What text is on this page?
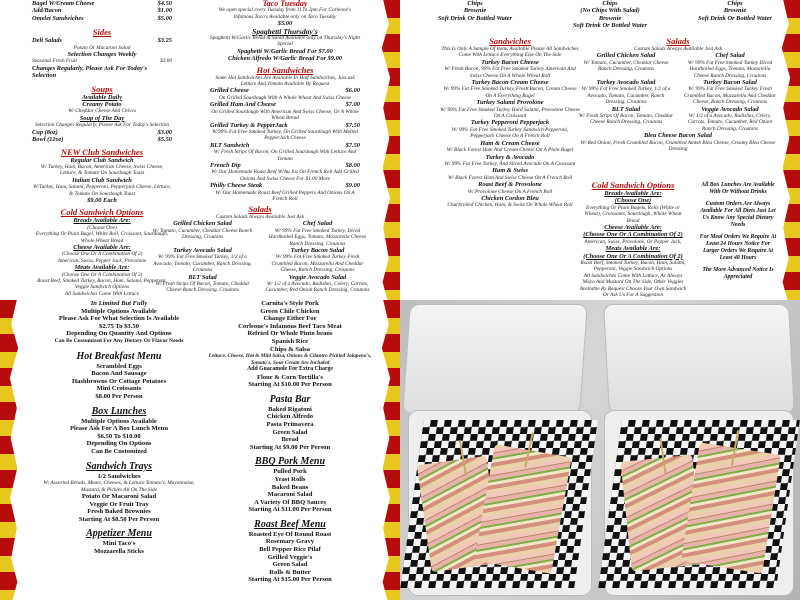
Bagel W/Cream Cheese	$4.50
Add/Bacon	$1.00
Omelet Sandwiches	$5.00
Sides
Deli Salads	$3.25
Potato Or Macaroni Salad
Selection Changes Weekly
Seasonal Fresh Fruit	$3.00
Changes Regularly, Please Ask For Today's Selection
Soups
Available Daily
Creamy Potato
W/ Cheddar Cheese And Chives
Soup of The Day
Selection Changes Regularly, Please Ask For Today's Selection
Cup (8oz)	$3.00
Bowl (12oz)	$5.50
NEW Club Sandwiches
Regular Club Sandwich
W/ Turkey, Ham, Bacon, American Cheese, Swiss Cheese, Lettuce, & Tomato On Sourdough Toast
Italian Club Sandwich
W/Turkey, Ham, Salami, Pepperoni, Pepperjack Cheese, Lettuce, & Tomato On Sourdough Toast
$9.00 Each
Cold Sandwich Options
Breads Available Are:
(Choose One)
Everything Or Plain Bagel, White Roll, Croissant, Sourdough, Whole Wheat Bread
Cheese Available Are:
(Choose One Or A Combination Of 2)
American, Swiss, Pepper Jack, Provolone
Meats Available Are:
(Choose One Or A Combination Of 2)
Roast Beef, Smoked Turkey, Bacon, Ham, Salami, Pepperoni, Veggie Sandwich Options
All Sandwiches Come With Lettuce
Taco Tuesday
We open special every Tuesday from 11 to 2pm For Corleone's Infamous Taco's Available only on Taco Tuesday
$5.00
Spaghetti Thursday's
Spaghetti W/Garlic Bread & Salad Available only on Thursday's Night Special
Spaghetti W/Garlic Bread For $7.00
Chicken Alfredo W/Garlic Bread For $9.00
Hot Sandwiches
Some Hot Sandwiches Are Available In Half Sandwiches, Just ask Lettuce And Tomato Available By Request
Grilled Cheese	$6.00
On Grilled Sourdough With A Whole Wheat And Swiss Cheese
Grilled Ham And Cheese	$7.00
On Grilled Sourdough With American And Swiss Cheese, Or A Whole Wheat Bread
Grilled Turkey & PepperJack	$7.50
W/99% Fat Free Smoked Turkey, On Grilled Sourdough With Melted PepperJack Cheese
BLT Sandwich	$7.50
W/ Fresh Strips Of Bacon, On Grilled Sourdough With Lettuce And Tomato
French Dip	$8.00
W/ Our Homemade Roast Beef W/Au Jus On French Roll Add Grilled Onions And Swiss Cheese For $1.00 More
Philly Cheese Steak	$9.00
W/ Our Homemade Roast Beef Grilled Peppers And Onions On A French Roll
Salads
Custom Salads Always Available Just Ask
Grilled Chicken Salad
W/ Tomato, Cucumber, Cheddar Cheese Ranch Dressing, Croutons
Chef Salad
W/ 99% Fat Free Smoked Turkey, Diced Hardboiled Eggs, Tomato, Mozzarella Cheese Ranch Dressing, Croutons
Turkey Avocado Salad
W/ 99% Fat Free Smoked Turkey, 1/2 of a Avocado, Tomato, Cucumber, Ranch Dressing, Croutons
Turkey Bacon Salad
W/ 99% Fat Free Smoked Turkey Fresh Crumbled Bacon, Mozzarella And Cheddar Cheese, Ranch Dressing, Croutons
BLT Salad
W/ Fresh Strips Of Bacon, Tomato, Cheddar Cheese Ranch Dressing, Croutons
Veggie Avocado Salad
W/ 1/2 of a Avocado, Radishes, Celery, Carrots, Cucumber, Red Onion Ranch Dressing, Croutons
Chips
Brownie
Soft Drink Or Bottled Water
Chips
(No Chips With Salad)
Brownie
Soft Drink Or Bottled Water
Chips
Brownie
Soft Drink Or Bottled Water
Sandwiches
This Is Only A Sample Of Items Available Please All Sandwiches Come With Lettuce Everything Else On The Side
Turkey Bacon Cheese
W/ Fresh Bacon, 99% Fat Free Smoked Turkey American And Swiss Cheese On A Whole Wheat Roll
Turkey Bacon Cream Cheese
W/ 99% Fat Free Smoked Turkey, Fresh Bacon, Cream Cheese On A Everything Bagel
Turkey Salami Provolone
W/ 99% Fat Free Smoked Turkey Hard Salami, Provolone Cheese On A Croissant
Turkey Pepperoni Pepperjack
W/ 99% Fat Free Smoked Turkey Sandwich Pepperoni, Pepperjack Cheese On A French Roll
Ham & Cream Cheese
W/ Black Forest Ham And Cream Cheese On A Plain Bagel
Turkey & Avocado
W/ 99% Fat Free Turkey, And Sliced Avocado On A Croissant
Ham & Swiss
W/ Black Forest Ham And Swiss Cheese On A French Roll
Roast Beef & Provolone
W/ Provolone Cheese On A French Roll
Chicken Cordon Bleu
Charbroiled Chicken, Ham, & Swiss On Whole Wheat Roll
Salads
Custom Salads Always Available Just Ask
Grilled Chicken Salad
W/ Tomato, Cucumber, Cheddar Cheese Ranch Dressing, Croutons
Chef Salad
W/ 99% Fat Free Smoked Turkey Diced Hardboiled Eggs, Tomato, Mozzarella Cheese Ranch Dressing, Croutons
Turkey Avocado Salad
W/ 99% Fat Free Smoked Turkey, 1/2 of a Avocado, Tomato, Cucumber, Ranch Dressing, Croutons
Turkey Bacon Salad
W/ 99% Fat Free Smoked Turkey Fresh Crumbled Bacon, Mozzarella And Cheddar Cheese, Ranch Dressing, Croutons
BLT Salad
W/ Fresh Strips Of Bacon, Tomato, Cheddar Cheese Ranch Dressing, Croutons
Veggie Avocado Salad
W/ 1/2 of a Avocado, Radishes, Celery, Carrots, Tomato, Cucumber, Red Onion Ranch Dressing, Croutons
Bleu Cheese Bacon Salad
W/ Red Onion, Fresh Crumbled Bacon, Crumbled Amish Bleu Cheese, Creamy Bleu Cheese Dressing
Cold Sandwich Options
Breads Available Are:
(Choose One)
Everything Or Plain Bagels, Rolls (White or Wheat), Croissants, Sourdough, Whole Wheat Bread
Cheese Available Are:
(Choose One Or A Combination Of 2)
American, Swiss, Provolone, Or Pepper Jack,
Meats Available Are:
(Choose One Or A Combination Of 2)
Roast Beef, Smoked Turkey, Bacon, Ham, Salami, Pepperoni, Veggie Sandwich Options
All Sandwiches Come With Lettuce, As Always Mayo And Mustard On The Side, Other Veggies Available By Request Choose Your Own Sandwich Or Ask Us For A Suggestion
All Box Lunches Are Available With Or Without Drinks
Custom Orders Are Always Available For All Diets Just Let Us Know Any Special Dietary Needs
For Meal Orders We Require At Least 24 Hours Notice For Larger Orders We Require At Least 48 Hours
The More Advanced Notice Is Appreciated
In Limited But Fully
Multiple Options Available
Please Ask For What Selection Is Available
$2.75 To $3.50
Depending On Quantity And Options
Can Be Customized For Any Dietary Or Flavor Needs
Hot Breakfast Menu
Scrambled Eggs
Bacon And Sausage
Hashbrowns Or Cottage Potatoes
Mini Croissants
$8.00 Per Person
Box Lunches
Multiple Options Available
Please Ask For A Box Lunch Menu
$6.50 To $10.00
Depending On Options
Can Be Customized
Sandwich Trays
1/2 Sandwiches
W/ Assorted Breads, Meats, Cheeses, & Lettuce Tomato's, Mayonnaise, Mustard, & Pickles All On The Side
Potato Or Macaroni Salad
Veggie Or Fruit Tray
Fresh Baked Brownies
Starting At $8.50 Per Person
Appetizer Menu
Mini Taco's
Mozzarella Sticks
Carnita's Style Pork
Green Chile Chicken
Change Either For
Corleone's Infamous Beef Taco Meat
Refried Or Whole Pinto beans
Spanish Rice
Chips & Salsa
Lettuce, Cheese, Hot & Mild Salsa, Onions & Cilantro Pickled Jalapeno's, Tomato's, Sour Cream Are Included
Add Guacamole For Extra Charge
Flour & Corn Tortilla's
Starting At $10.00 Per Person
Pasta Bar
Baked Rigatoni
Chicken Alfredo
Pasta Primavera
Green Salad
Bread
Starting At $9.00 Per Person
BBQ Pork Menu
Pulled Pork
Yeast Rolls
Baked Beans
Macaroni Salad
A Variety Of BBQ Sauces
Starting At $11.00 Per Person
Roast Beef Menu
Roasted Eye Of Round Roast
Rosemary Gravy
Bell Pepper Rice Pilaf
Grilled Veggie's
Green Salad
Rolls & Butter
Starting At $15.00 Per Person
